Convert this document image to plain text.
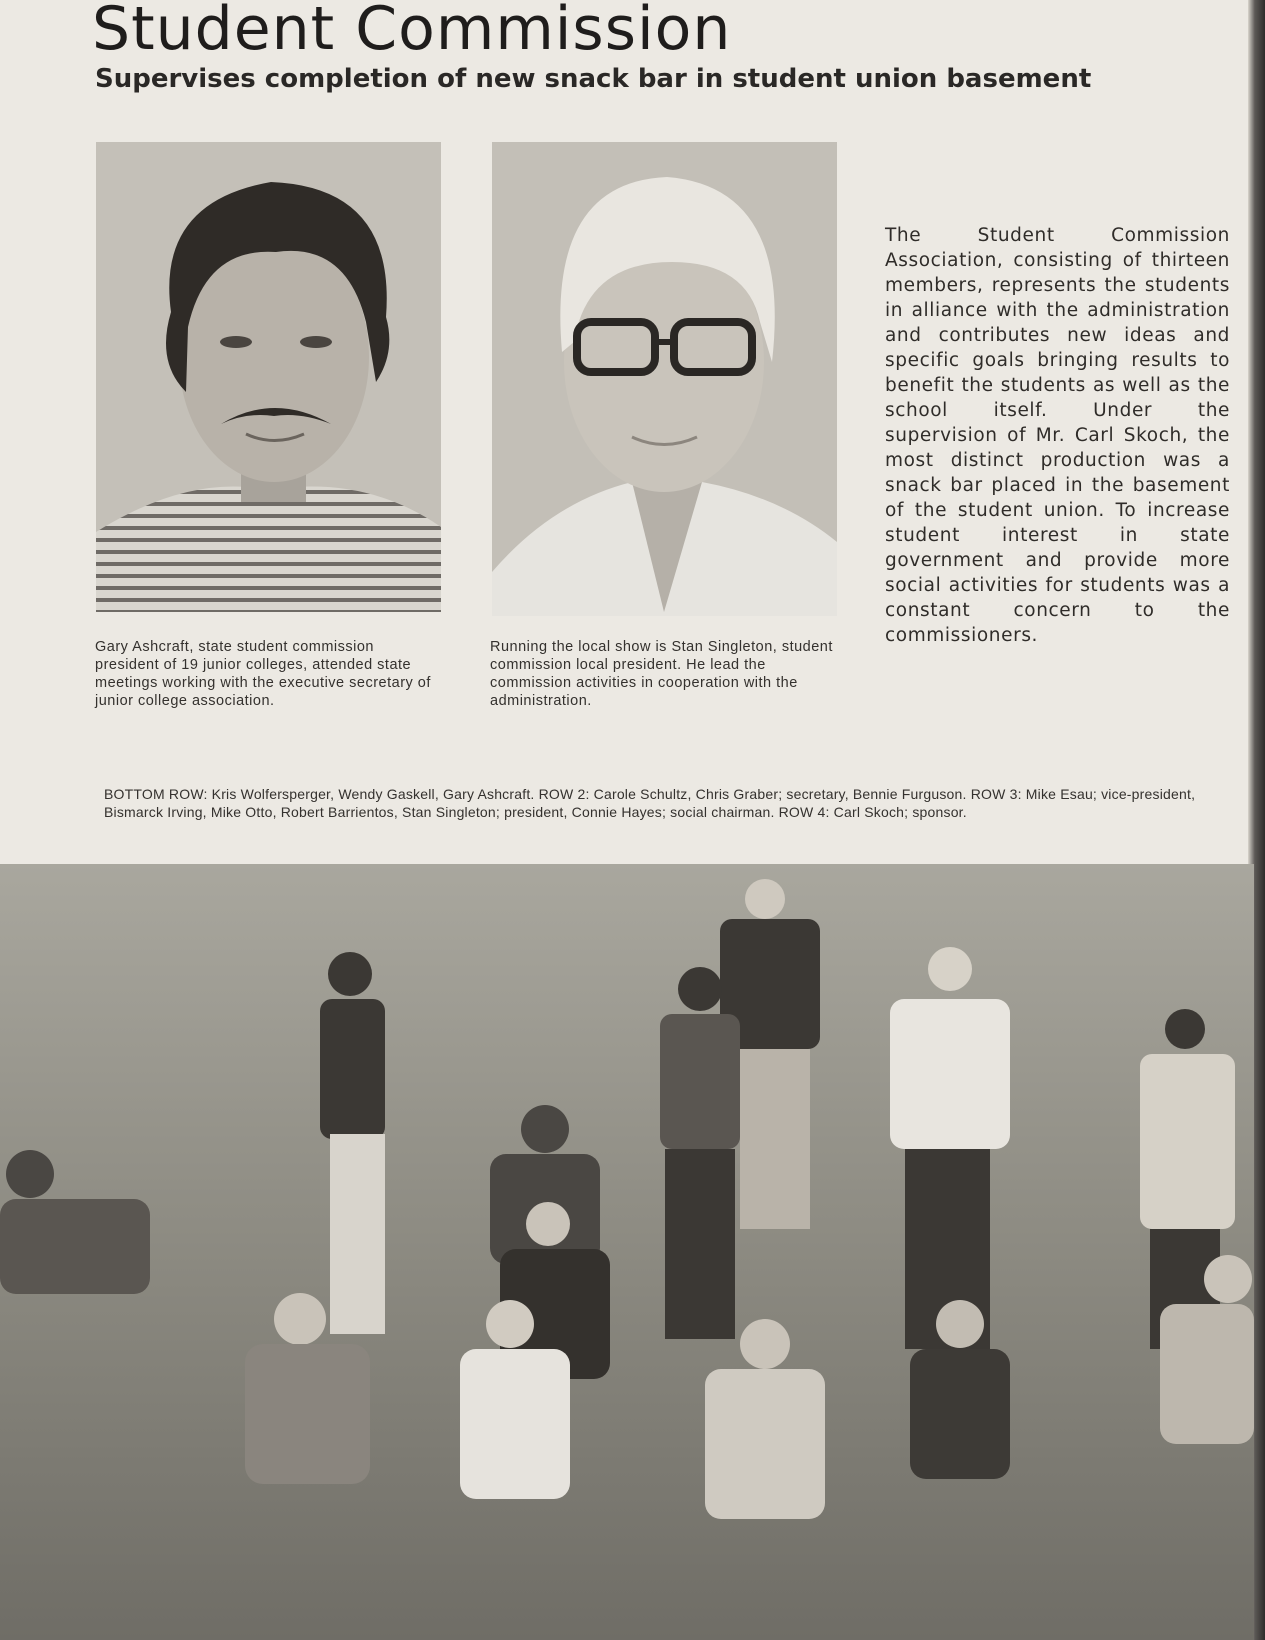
Student Commission
Supervises completion of new snack bar in student union basement

Gary Ashcraft, state student commission president of 19 junior colleges, attended state meetings working with the executive secretary of junior college association.

Running the local show is Stan Singleton, student commission local president. He lead the commission activities in cooperation with the administration.

The Student Commission Association, consisting of thirteen members, represents the students in alliance with the administration and contributes new ideas and specific goals bringing results to benefit the students as well as the school itself. Under the supervision of Mr. Carl Skoch, the most distinct production was a snack bar placed in the basement of the student union. To increase student interest in state government and provide more social activities for students was a constant concern to the commissioners.

BOTTOM ROW: Kris Wolfersperger, Wendy Gaskell, Gary Ashcraft. ROW 2: Carole Schultz, Chris Graber; secretary, Bennie Furguson. ROW 3: Mike Esau; vice-president, Bismarck Irving, Mike Otto, Robert Barrientos, Stan Singleton; president, Connie Hayes; social chairman. ROW 4: Carl Skoch; sponsor.
